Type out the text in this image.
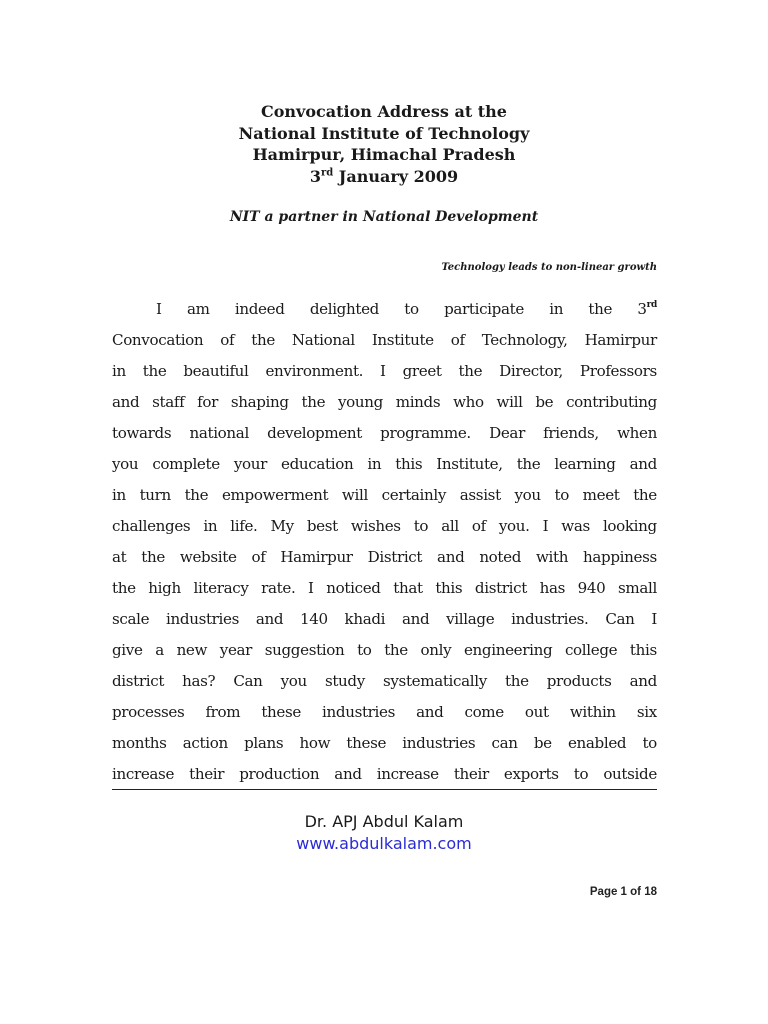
Convocation Address at the
National Institute of Technology
Hamirpur, Himachal Pradesh
3rd January 2009
NIT a partner in National Development
Technology leads to non-linear growth
I am indeed delighted to participate in the 3rd
Convocation of the National Institute of Technology, Hamirpur
in the beautiful environment. I greet the Director, Professors
and staff for shaping the young minds who will be contributing
towards national development programme. Dear friends, when
you complete your education in this Institute, the learning and
in turn the empowerment will certainly assist you to meet the
challenges in life. My best wishes to all of you. I was looking
at the website of Hamirpur District and noted with happiness
the high literacy rate. I noticed that this district has 940 small
scale industries and 140 khadi and village industries. Can I
give a new year suggestion to the only engineering college this
district has? Can you study systematically the products and
processes from these industries and come out within six
months action plans how these industries can be enabled to
increase their production and increase their exports to outside
Dr. APJ Abdul Kalam
www.abdulkalam.com
Page 1 of 18
